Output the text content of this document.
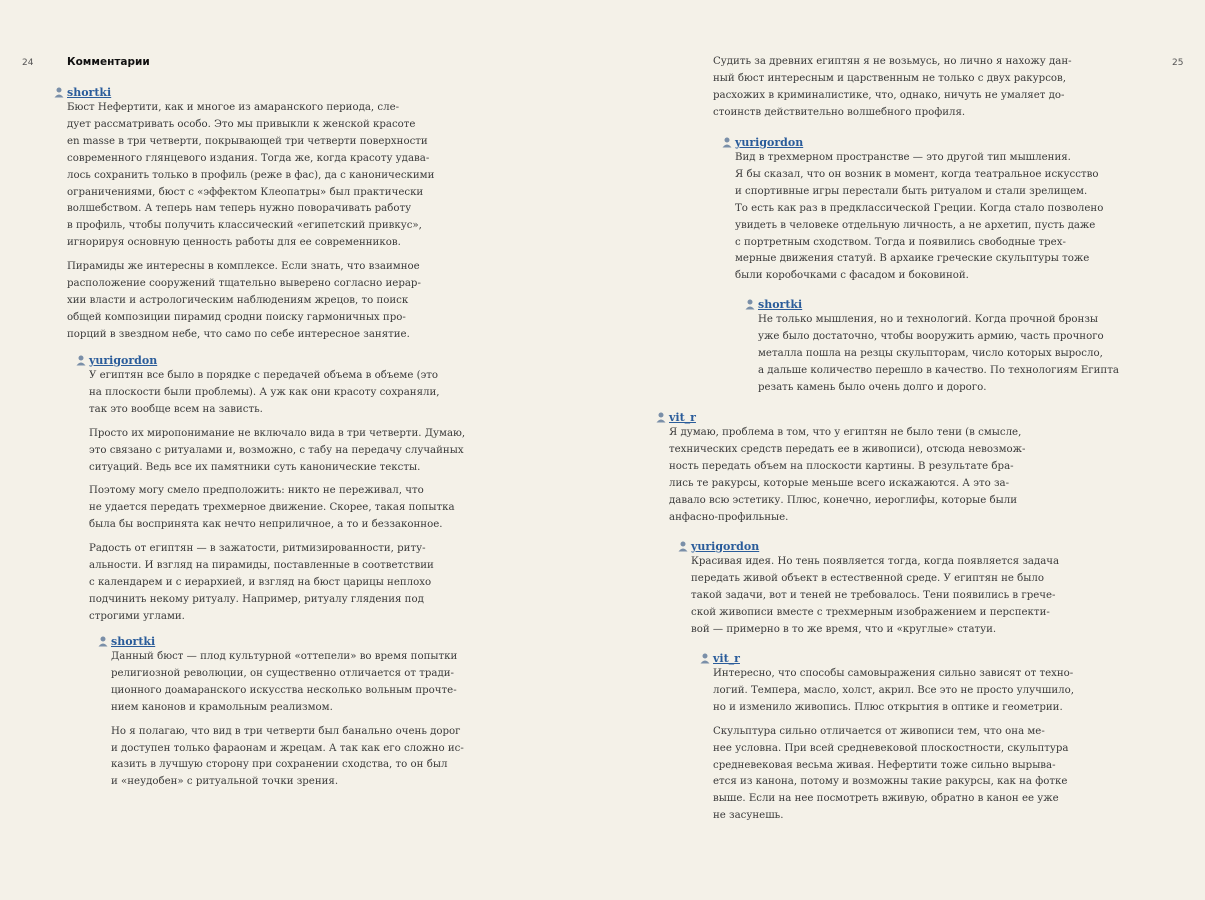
24	25
Комментарии
shortki

Бюст Нефертити, как и многое из амаранского периода, сле-
дует рассматривать особо. Это мы привыкли к женской красоте
en masse в три четверти, покрывающей три четверти поверхности
современного глянцевого издания. Тогда же, когда красоту удава-
лось сохранить только в профиль (реже в фас), да с каноническими
ограничениями, бюст с «эффектом Клеопатры» был практически
волшебством. А теперь нам теперь нужно поворачивать работу
в профиль, чтобы получить классический «египетский привкус»,
игнорируя основную ценность работы для ее современников.

Пирамиды же интересны в комплексе. Если знать, что взаимное
расположение сооружений тщательно выверено согласно иерар-
хии власти и астрологическим наблюдениям жрецов, то поиск
общей композиции пирамид сродни поиску гармоничных про-
порций в звездном небе, что само по себе интересное занятие.

yurigordon

У египтян все было в порядке с передачей объема в объеме (это
на плоскости были проблемы). А уж как они красоту сохраняли,
так это вообще всем на зависть.

Просто их миропонимание не включало вида в три четверти. Думаю,
это связано с ритуалами и, возможно, с табу на передачу случайных
ситуаций. Ведь все их памятники суть канонические тексты.

Поэтому могу смело предположить: никто не переживал, что
не удается передать трехмерное движение. Скорее, такая попытка
была бы воспринята как нечто неприличное, а то и беззаконное.

Радость от египтян — в зажатости, ритмизированности, риту-
альности. И взгляд на пирамиды, поставленные в соответствии
с календарем и с иерархией, и взгляд на бюст царицы неплохо
подчинить некому ритуалу. Например, ритуалу глядения под
строгими углами.

shortki

Данный бюст — плод культурной «оттепели» во время попытки
религиозной революции, он существенно отличается от тради-
ционного доамаранского искусства несколько вольным прочте-
нием канонов и крамольным реализмом.

Но я полагаю, что вид в три четверти был банально очень дорог
и доступен только фараонам и жрецам. А так как его сложно ис-
казить в лучшую сторону при сохранении сходства, то он был
и «неудобен» с ритуальной точки зрения.

Судить за древних египтян я не возьмусь, но лично я нахожу дан-
ный бюст интересным и царственным не только с двух ракурсов,
расхожих в криминалистике, что, однако, ничуть не умаляет до-
стоинств действительно волшебного профиля.

yurigordon

Вид в трехмерном пространстве — это другой тип мышления.
Я бы сказал, что он возник в момент, когда театральное искусство
и спортивные игры перестали быть ритуалом и стали зрелищем.
То есть как раз в предклассической Греции. Когда стало позволено
увидеть в человеке отдельную личность, а не архетип, пусть даже
с портретным сходством. Тогда и появились свободные трех-
мерные движения статуй. В архаике греческие скульптуры тоже
были коробочками с фасадом и боковиной.

shortki

Не только мышления, но и технологий. Когда прочной бронзы
уже было достаточно, чтобы вооружить армию, часть прочного
металла пошла на резцы скульпторам, число которых выросло,
а дальше количество перешло в качество. По технологиям Египта
резать камень было очень долго и дорого.

vit_r

Я думаю, проблема в том, что у египтян не было тени (в смысле,
технических средств передать ее в живописи), отсюда невозмож-
ность передать объем на плоскости картины. В результате бра-
лись те ракурсы, которые меньше всего искажаются. А это за-
давало всю эстетику. Плюс, конечно, иероглифы, которые были
анфасно-профильные.

yurigordon

Красивая идея. Но тень появляется тогда, когда появляется задача
передать живой объект в естественной среде. У египтян не было
такой задачи, вот и теней не требовалось. Тени появились в грече-
ской живописи вместе с трехмерным изображением и перспекти-
вой — примерно в то же время, что и «круглые» статуи.

vit_r

Интересно, что способы самовыражения сильно зависят от техно-
логий. Темпера, масло, холст, акрил. Все это не просто улучшило,
но и изменило живопись. Плюс открытия в оптике и геометрии.

Скульптура сильно отличается от живописи тем, что она ме-
нее условна. При всей средневековой плоскостности, скульптура
средневековая весьма живая. Нефертити тоже сильно вырыва-
ется из канона, потому и возможны такие ракурсы, как на фотке
выше. Если на нее посмотреть вживую, обратно в канон ее уже
не засунешь.
